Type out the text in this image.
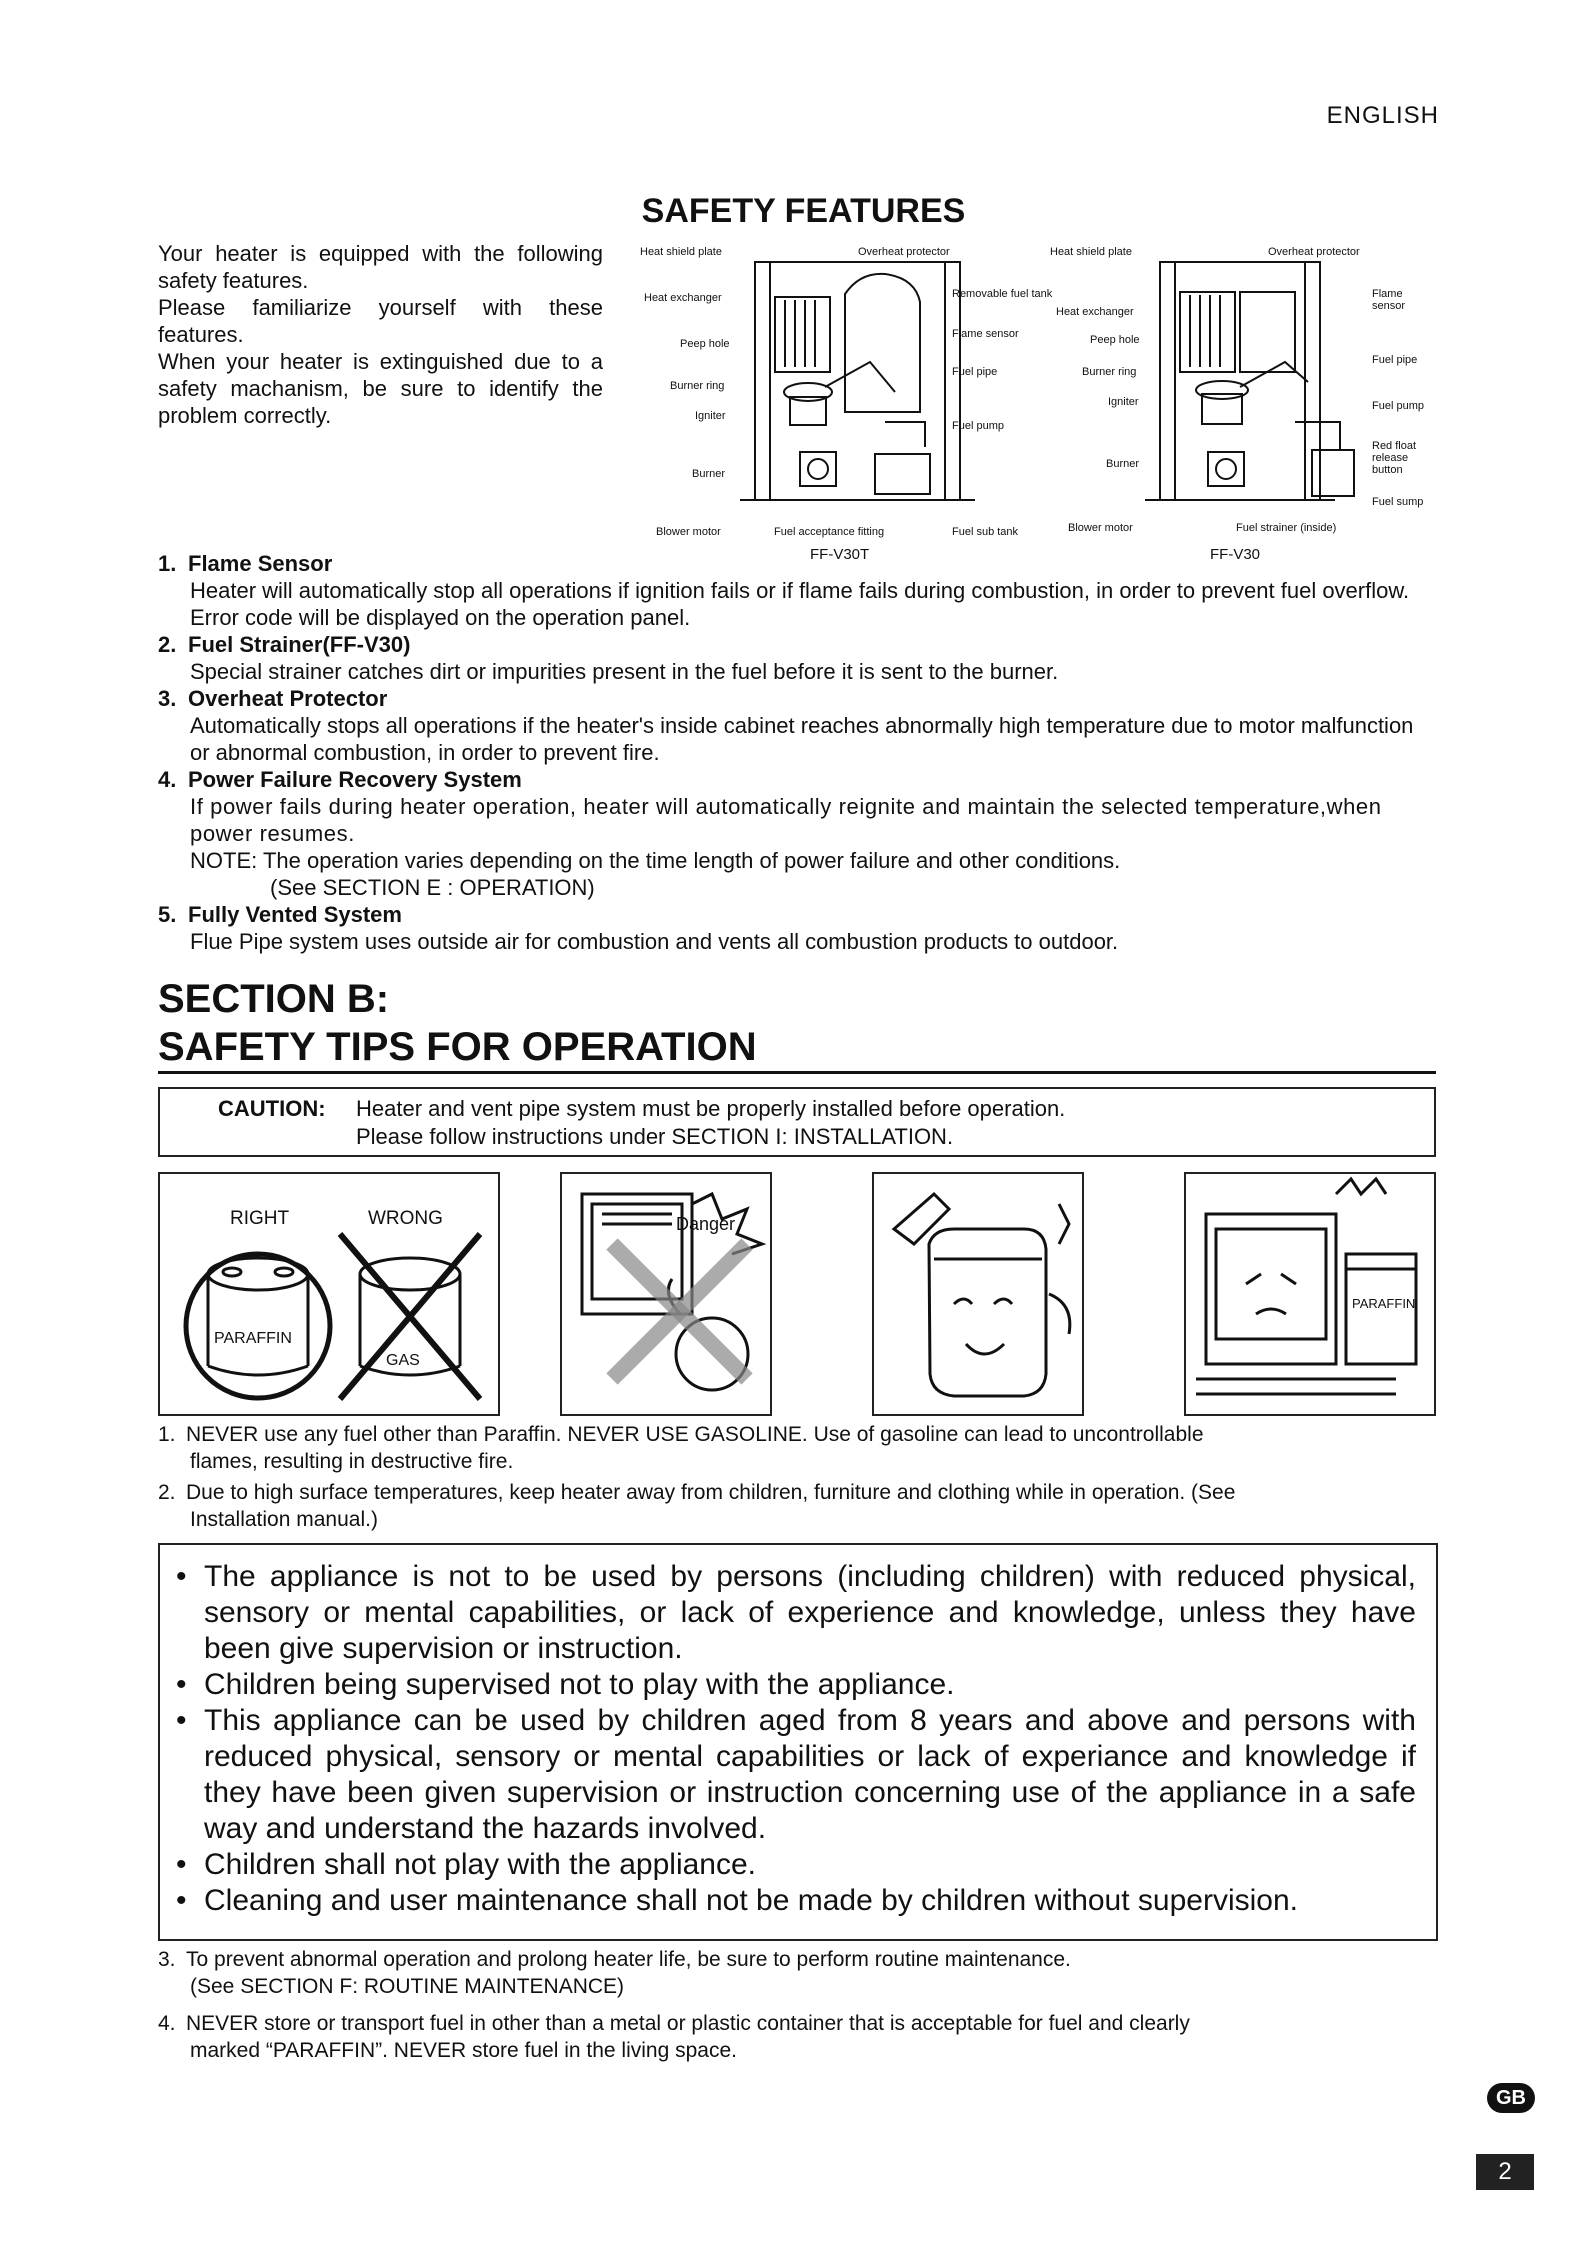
ENGLISH
SAFETY FEATURES

Your heater is equipped with the following safety features.

Please familiarize yourself with these features.

When your heater is extinguished due to a safety machanism, be sure to identify the problem correctly.

Heat shield plate	Overheat protector
Heat exchanger	Removable fuel tank
Peep hole
Flame sensor
Burner ring
Fuel pipe
Igniter
Fuel pump
Burner
Blower motor	Fuel acceptance fitting	Fuel sub tank
FF-V30T
Heat shield plate	Overheat protector
Flame
sensor
Heat exchanger
Peep hole
Fuel pipe
Burner ring
Igniter	Fuel pump
Red float
release
button
Burner
Fuel sump
Blower motor	Fuel strainer (inside)
FF-V30
1. Flame Sensor
Heater will automatically stop all operations if ignition fails or if flame fails during combustion, in order to prevent fuel overflow. Error code will be displayed on the operation panel.
2. Fuel Strainer(FF-V30)
Special strainer catches dirt or impurities present in the fuel before it is sent to the burner.
3. Overheat Protector
Automatically stops all operations if the heater's inside cabinet reaches abnormally high temperature due to motor malfunction or abnormal combustion, in order to prevent fire.
4. Power Failure Recovery System
If power fails during heater operation, heater will automatically reignite and maintain the selected temperature,when power resumes.
NOTE: The operation varies depending on the time length of power failure and other conditions.
(See SECTION E : OPERATION)
5. Fully Vented System
Flue Pipe system uses outside air for combustion and vents all combustion products to outdoor.
SECTION B:
SAFETY TIPS FOR OPERATION
CAUTION: Heater and vent pipe system must be properly installed before operation.
Please follow instructions under SECTION I: INSTALLATION.
RIGHT	WRONG
PARAFFIN
GAS
Danger
PARAFFIN
1. NEVER use any fuel other than Paraffin. NEVER USE GASOLINE. Use of gasoline can lead to uncontrollable
flames, resulting in destructive fire.
2. Due to high surface temperatures, keep heater away from children, furniture and clothing while in operation. (See
Installation manual.)
• The appliance is not to be used by persons (including children) with reduced physical, sensory or mental capabilities, or lack of experience and knowledge, unless they have been give supervision or instruction.
• Children being supervised not to play with the appliance.
• This appliance can be used by children aged from 8 years and above and persons with reduced physical, sensory or mental capabilities or lack of experiance and knowledge if they have been given supervision or instruction concerning use of the appliance in a safe way and understand the hazards involved.
• Children shall not play with the appliance.
• Cleaning and user maintenance shall not be made by children without supervision.
3. To prevent abnormal operation and prolong heater life, be sure to perform routine maintenance.
(See SECTION F: ROUTINE MAINTENANCE)
4. NEVER store or transport fuel in other than a metal or plastic container that is acceptable for fuel and clearly
marked “PARAFFIN”. NEVER store fuel in the living space.
GB
2
